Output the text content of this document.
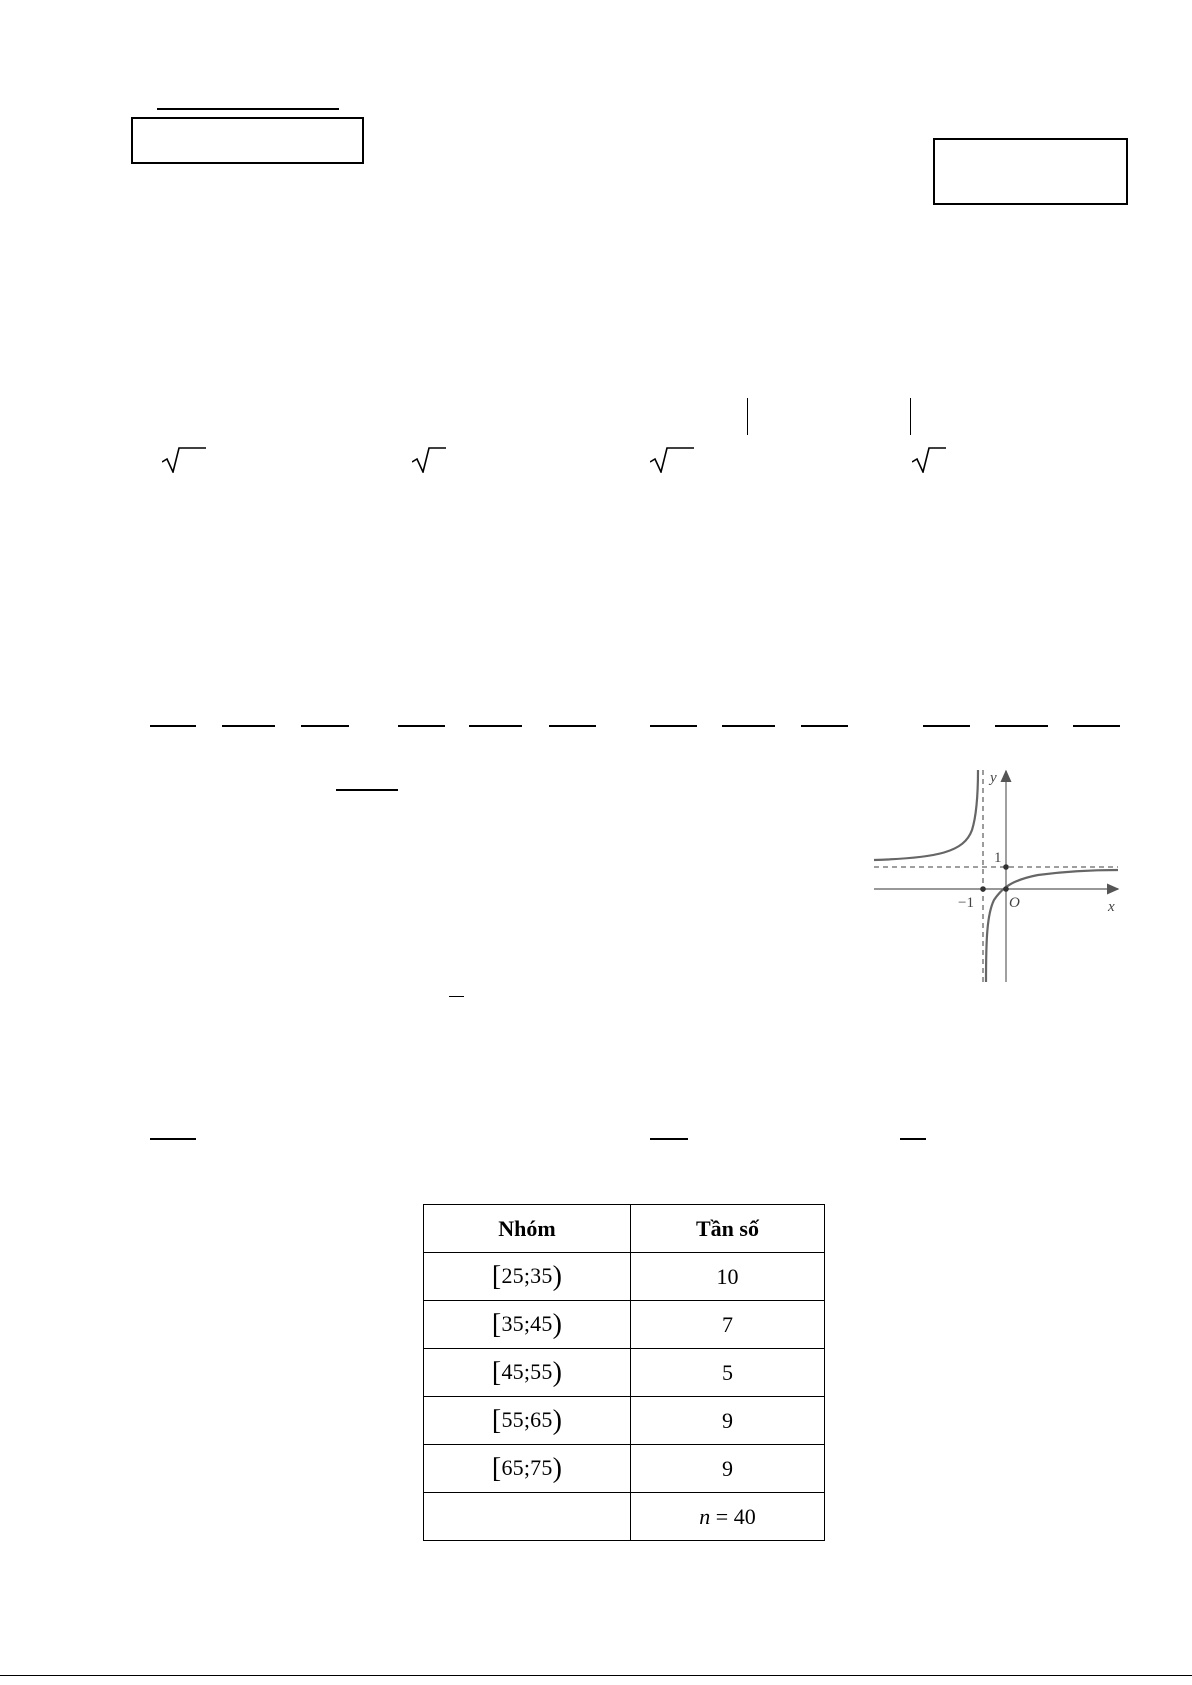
y
x
O
1
−1
Nhóm	Tần số
[25;35)	10
[35;45)	7
[45;55)	5
[55;65)	9
[65;75)	9
	n = 40
